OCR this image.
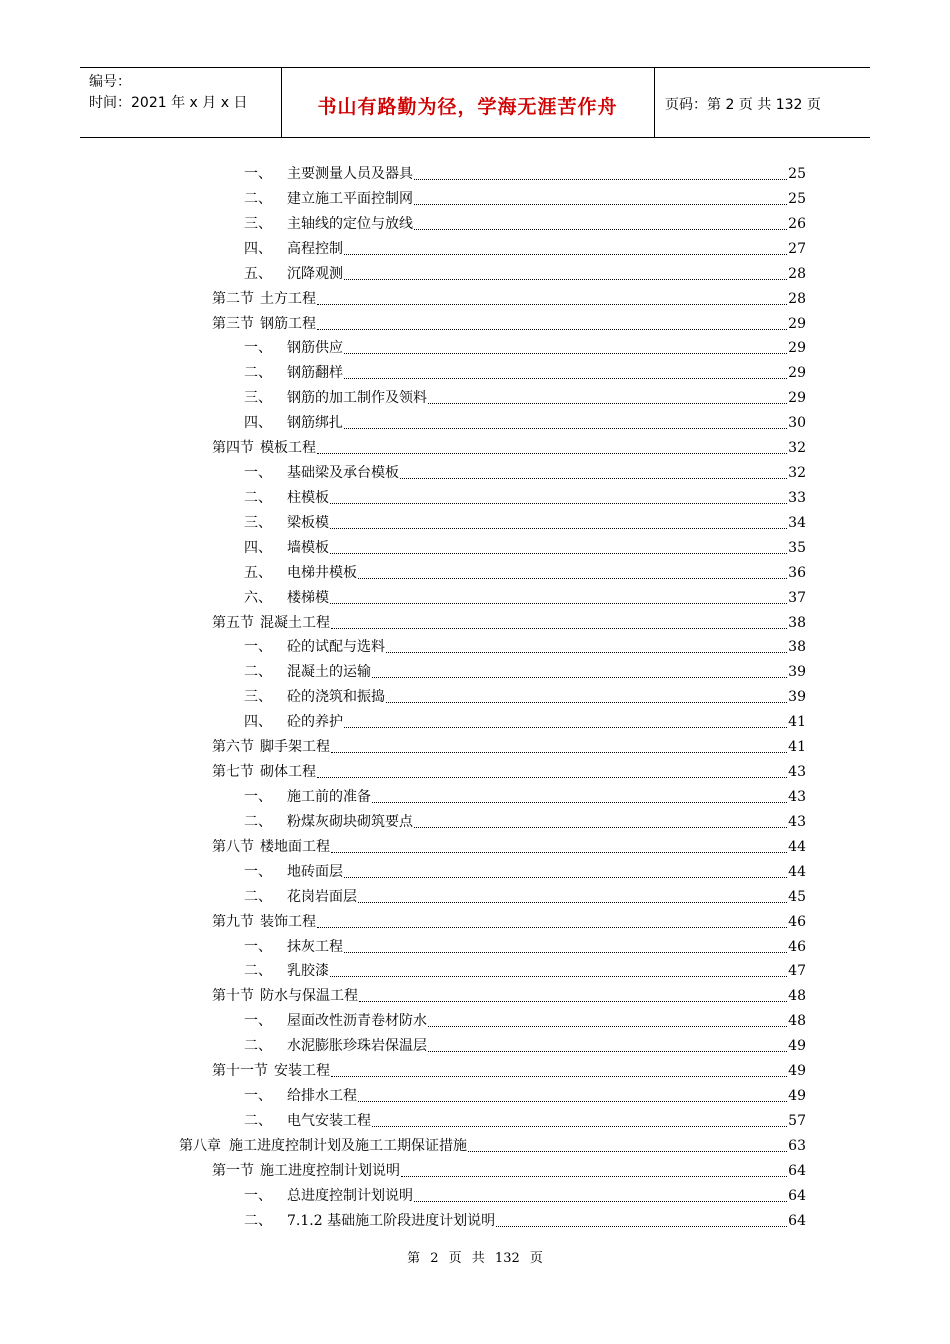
编号：
时间：2021 年 x 月 x 日	书山有路勤为径，学海无涯苦作舟	页码：第 2 页 共 132 页
一、	主要测量人员及器具	25
二、	建立施工平面控制网	25
三、	主轴线的定位与放线	26
四、	高程控制	27
五、	沉降观测	28
第二节 土方工程	28
第三节 钢筋工程	29
一、	钢筋供应	29
二、	钢筋翻样	29
三、	钢筋的加工制作及领料	29
四、	钢筋绑扎	30
第四节 模板工程	32
一、	基础梁及承台模板	32
二、	柱模板	33
三、	梁板模	34
四、	墙模板	35
五、	电梯井模板	36
六、	楼梯模	37
第五节 混凝土工程	38
一、	砼的试配与选料	38
二、	混凝土的运输	39
三、	砼的浇筑和振捣	39
四、	砼的养护	41
第六节 脚手架工程	41
第七节 砌体工程	43
一、	施工前的准备	43
二、	粉煤灰砌块砌筑要点	43
第八节 楼地面工程	44
一、	地砖面层	44
二、	花岗岩面层	45
第九节 装饰工程	46
一、	抹灰工程	46
二、	乳胶漆	47
第十节 防水与保温工程	48
一、	屋面改性沥青卷材防水	48
二、	水泥膨胀珍珠岩保温层	49
第十一节 安装工程	49
一、	给排水工程	49
二、	电气安装工程	57
第八章 施工进度控制计划及施工工期保证措施	63
第一节 施工进度控制计划说明	64
一、	总进度控制计划说明	64
二、	7.1.2 基础施工阶段进度计划说明	64
第 2 页 共 132 页
